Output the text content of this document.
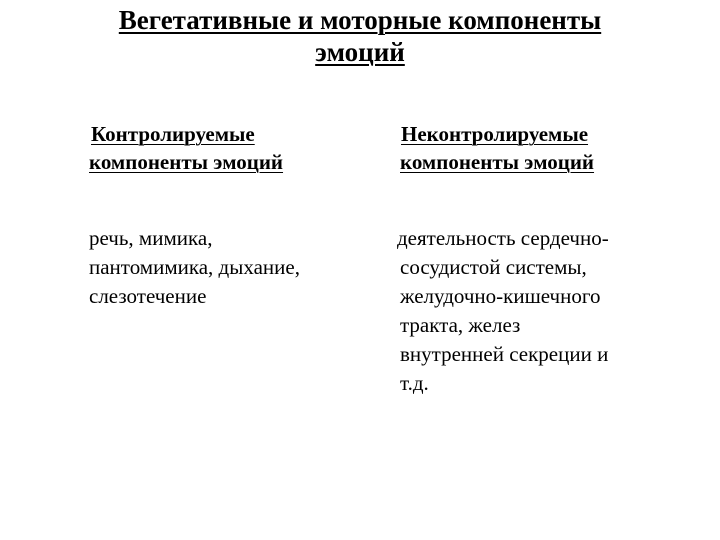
Вегетативные и моторные компоненты
эмоций
Контролируемые
компоненты эмоций
речь, мимика,
пантомимика, дыхание,
слезотечение
Неконтролируемые
компоненты эмоций
деятельность сердечно-
сосудистой системы,
желудочно-кишечного
тракта, желез
внутренней секреции и
т.д.
